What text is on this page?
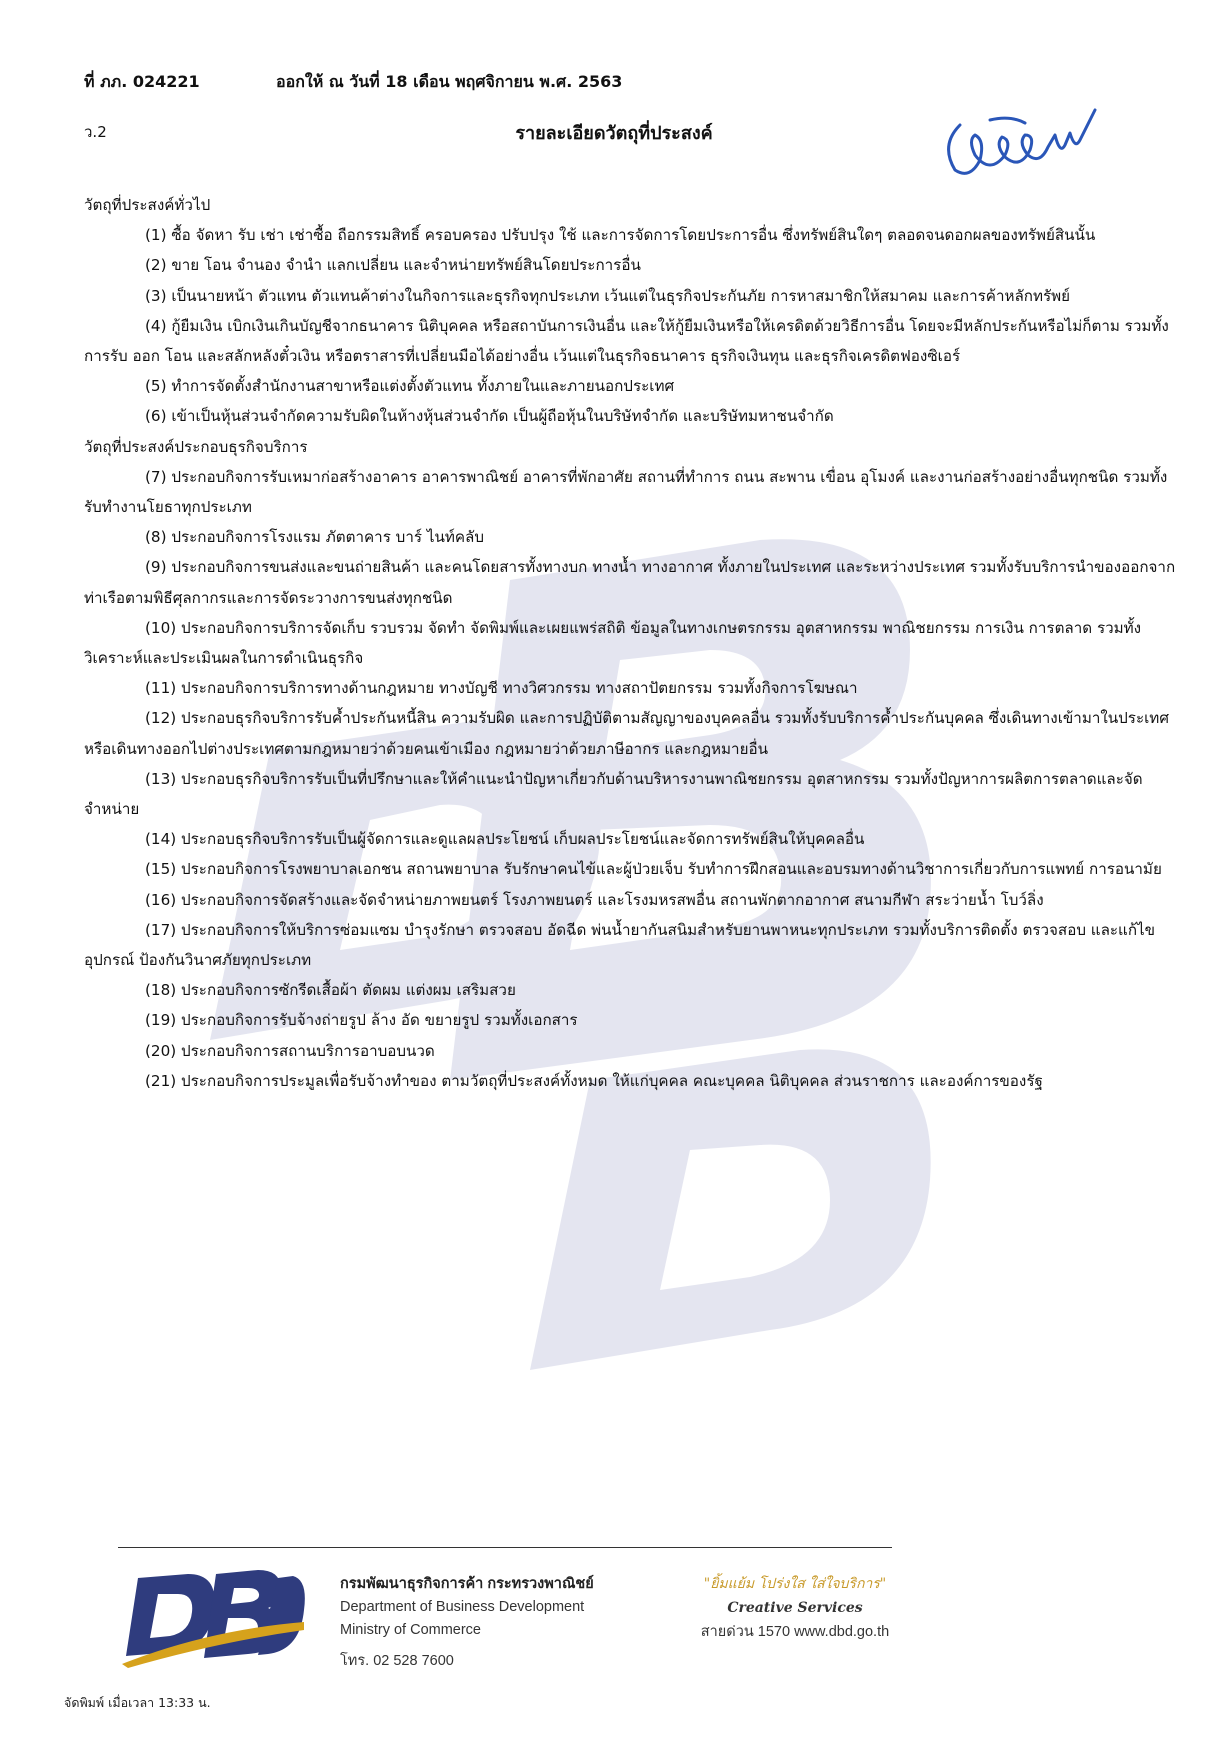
ที่ ภภ. 024221	ออกให้ ณ วันที่ 18 เดือน พฤศจิกายน พ.ศ. 2563
ว.2	รายละเอียดวัตถุที่ประสงค์

วัตถุที่ประสงค์ทั่วไป

(1) ซื้อ จัดหา รับ เช่า เช่าซื้อ ถือกรรมสิทธิ์ ครอบครอง ปรับปรุง ใช้ และการจัดการโดยประการอื่น ซึ่งทรัพย์สินใดๆ ตลอดจนดอกผลของทรัพย์สินนั้น

(2) ขาย โอน จำนอง จำนำ แลกเปลี่ยน และจำหน่ายทรัพย์สินโดยประการอื่น

(3) เป็นนายหน้า ตัวแทน ตัวแทนค้าต่างในกิจการและธุรกิจทุกประเภท เว้นแต่ในธุรกิจประกันภัย การหาสมาชิกให้สมาคม และการค้าหลักทรัพย์

(4) กู้ยืมเงิน เบิกเงินเกินบัญชีจากธนาคาร นิติบุคคล หรือสถาบันการเงินอื่น และให้กู้ยืมเงินหรือให้เครดิตด้วยวิธีการอื่น โดยจะมีหลักประกันหรือไม่ก็ตาม รวมทั้งการรับ ออก โอน และสลักหลังตั๋วเงิน หรือตราสารที่เปลี่ยนมือได้อย่างอื่น เว้นแต่ในธุรกิจธนาคาร ธุรกิจเงินทุน และธุรกิจเครดิตฟองซิเอร์

(5) ทำการจัดตั้งสำนักงานสาขาหรือแต่งตั้งตัวแทน ทั้งภายในและภายนอกประเทศ

(6) เข้าเป็นหุ้นส่วนจำกัดความรับผิดในห้างหุ้นส่วนจำกัด เป็นผู้ถือหุ้นในบริษัทจำกัด และบริษัทมหาชนจำกัด

วัตถุที่ประสงค์ประกอบธุรกิจบริการ

(7) ประกอบกิจการรับเหมาก่อสร้างอาคาร อาคารพาณิชย์ อาคารที่พักอาศัย สถานที่ทำการ ถนน สะพาน เขื่อน อุโมงค์ และงานก่อสร้างอย่างอื่นทุกชนิด รวมทั้งรับทำงานโยธาทุกประเภท

(8) ประกอบกิจการโรงแรม ภัตตาคาร บาร์ ไนท์คลับ

(9) ประกอบกิจการขนส่งและขนถ่ายสินค้า และคนโดยสารทั้งทางบก ทางน้ำ ทางอากาศ ทั้งภายในประเทศ และระหว่างประเทศ รวมทั้งรับบริการนำของออกจากท่าเรือตามพิธีศุลกากรและการจัดระวางการขนส่งทุกชนิด

(10) ประกอบกิจการบริการจัดเก็บ รวบรวม จัดทำ จัดพิมพ์และเผยแพร่สถิติ ข้อมูลในทางเกษตรกรรม อุตสาหกรรม พาณิชยกรรม การเงิน การตลาด รวมทั้งวิเคราะห์และประเมินผลในการดำเนินธุรกิจ

(11) ประกอบกิจการบริการทางด้านกฎหมาย ทางบัญชี ทางวิศวกรรม ทางสถาปัตยกรรม รวมทั้งกิจการโฆษณา

(12) ประกอบธุรกิจบริการรับค้ำประกันหนี้สิน ความรับผิด และการปฏิบัติตามสัญญาของบุคคลอื่น รวมทั้งรับบริการค้ำประกันบุคคล ซึ่งเดินทางเข้ามาในประเทศหรือเดินทางออกไปต่างประเทศตามกฎหมายว่าด้วยคนเข้าเมือง กฎหมายว่าด้วยภาษีอากร และกฎหมายอื่น

(13) ประกอบธุรกิจบริการรับเป็นที่ปรึกษาและให้คำแนะนำปัญหาเกี่ยวกับด้านบริหารงานพาณิชยกรรม อุตสาหกรรม รวมทั้งปัญหาการผลิตการตลาดและจัดจำหน่าย

(14) ประกอบธุรกิจบริการรับเป็นผู้จัดการและดูแลผลประโยชน์ เก็บผลประโยชน์และจัดการทรัพย์สินให้บุคคลอื่น

(15) ประกอบกิจการโรงพยาบาลเอกชน สถานพยาบาล รับรักษาคนไข้และผู้ป่วยเจ็บ รับทำการฝึกสอนและอบรมทางด้านวิชาการเกี่ยวกับการแพทย์ การอนามัย

(16) ประกอบกิจการจัดสร้างและจัดจำหน่ายภาพยนตร์ โรงภาพยนตร์ และโรงมหรสพอื่น สถานพักตากอากาศ สนามกีฬา สระว่ายน้ำ โบว์ลิ่ง

(17) ประกอบกิจการให้บริการซ่อมแซม บำรุงรักษา ตรวจสอบ อัดฉีด พ่นน้ำยากันสนิมสำหรับยานพาหนะทุกประเภท รวมทั้งบริการติดตั้ง ตรวจสอบ และแก้ไขอุปกรณ์ ป้องกันวินาศภัยทุกประเภท

(18) ประกอบกิจการซักรีดเสื้อผ้า ตัดผม แต่งผม เสริมสวย

(19) ประกอบกิจการรับจ้างถ่ายรูป ล้าง อัด ขยายรูป รวมทั้งเอกสาร

(20) ประกอบกิจการสถานบริการอาบอบนวด

(21) ประกอบกิจการประมูลเพื่อรับจ้างทำของ ตามวัตถุที่ประสงค์ทั้งหมด ให้แก่บุคคล คณะบุคคล นิติบุคคล ส่วนราชการ และองค์การของรัฐ

กรมพัฒนาธุรกิจการค้า กระทรวงพาณิชย์
Department of Business Development
Ministry of Commerce
โทร. 02 528 7600
"ยิ้มแย้ม โปร่งใส ใส่ใจบริการ"
Creative Services
สายด่วน 1570 www.dbd.go.th
จัดพิมพ์ เมื่อเวลา 13:33 น.
